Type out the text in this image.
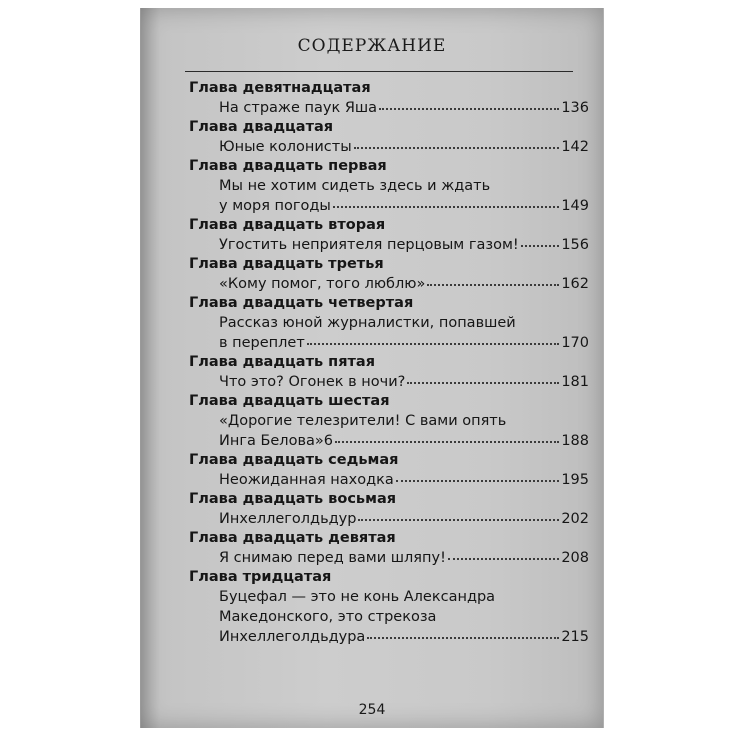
СОДЕРЖАНИЕ
Глава девятнадцатая
На страже паук Яша	136
Глава двадцатая
Юные колонисты	142
Глава двадцать первая
Мы не хотим сидеть здесь и ждать
у моря погоды	149
Глава двадцать вторая
Угостить неприятеля перцовым газом!	156
Глава двадцать третья
«Кому помог, того люблю»	162
Глава двадцать четвертая
Рассказ юной журналистки, попавшей
в переплет	170
Глава двадцать пятая
Что это? Огонек в ночи?	181
Глава двадцать шестая
«Дорогие телезрители! С вами опять
Инга Белова»6	188
Глава двадцать седьмая
Неожиданная находка	195
Глава двадцать восьмая
Инхеллеголдьдур	202
Глава двадцать девятая
Я снимаю перед вами шляпу!	208
Глава тридцатая
Буцефал — это не конь Александра
Македонского, это стрекоза
Инхеллеголдьдура	215
254
